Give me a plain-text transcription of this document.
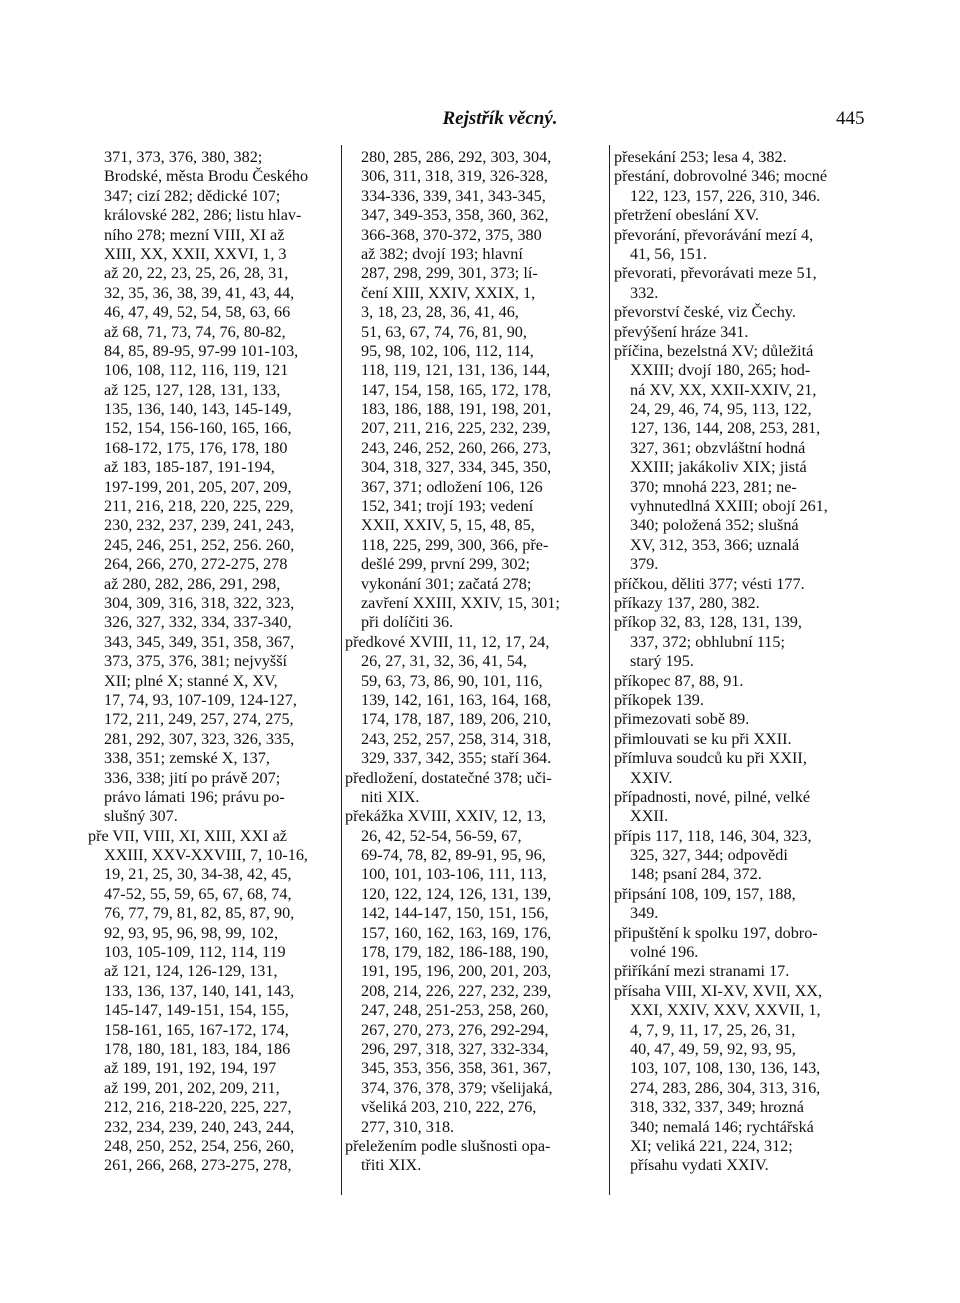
Rejstřík věcný.	445
371, 373, 376, 380, 382;
Brodské, města Brodu Českého
347; cizí 282; dědické 107;
královské 282, 286; listu hlav-
ního 278; mezní VIII, XI až
XIII, XX, XXII, XXVI, 1, 3
až 20, 22, 23, 25, 26, 28, 31,
32, 35, 36, 38, 39, 41, 43, 44,
46, 47, 49, 52, 54, 58, 63, 66
až 68, 71, 73, 74, 76, 80-82,
84, 85, 89-95, 97-99 101-103,
106, 108, 112, 116, 119, 121
až 125, 127, 128, 131, 133,
135, 136, 140, 143, 145-149,
152, 154, 156-160, 165, 166,
168-172, 175, 176, 178, 180
až 183, 185-187, 191-194,
197-199, 201, 205, 207, 209,
211, 216, 218, 220, 225, 229,
230, 232, 237, 239, 241, 243,
245, 246, 251, 252, 256. 260,
264, 266, 270, 272-275, 278
až 280, 282, 286, 291, 298,
304, 309, 316, 318, 322, 323,
326, 327, 332, 334, 337-340,
343, 345, 349, 351, 358, 367,
373, 375, 376, 381; nejvyšší
XII; plné X; stanné X, XV,
17, 74, 93, 107-109, 124-127,
172, 211, 249, 257, 274, 275,
281, 292, 307, 323, 326, 335,
338, 351; zemské X, 137,
336, 338; jití po právě 207;
právo lámati 196; právu po-
slušný 307.
pře VII, VIII, XI, XIII, XXI až
XXIII, XXV-XXVIII, 7, 10-16,
19, 21, 25, 30, 34-38, 42, 45,
47-52, 55, 59, 65, 67, 68, 74,
76, 77, 79, 81, 82, 85, 87, 90,
92, 93, 95, 96, 98, 99, 102,
103, 105-109, 112, 114, 119
až 121, 124, 126-129, 131,
133, 136, 137, 140, 141, 143,
145-147, 149-151, 154, 155,
158-161, 165, 167-172, 174,
178, 180, 181, 183, 184, 186
až 189, 191, 192, 194, 197
až 199, 201, 202, 209, 211,
212, 216, 218-220, 225, 227,
232, 234, 239, 240, 243, 244,
248, 250, 252, 254, 256, 260,
261, 266, 268, 273-275, 278,
280, 285, 286, 292, 303, 304,
306, 311, 318, 319, 326-328,
334-336, 339, 341, 343-345,
347, 349-353, 358, 360, 362,
366-368, 370-372, 375, 380
až 382; dvojí 193; hlavní
287, 298, 299, 301, 373; lí-
čení XIII, XXIV, XXIX, 1,
3, 18, 23, 28, 36, 41, 46,
51, 63, 67, 74, 76, 81, 90,
95, 98, 102, 106, 112, 114,
118, 119, 121, 131, 136, 144,
147, 154, 158, 165, 172, 178,
183, 186, 188, 191, 198, 201,
207, 211, 216, 225, 232, 239,
243, 246, 252, 260, 266, 273,
304, 318, 327, 334, 345, 350,
367, 371; odložení 106, 126
152, 341; trojí 193; vedení
XXII, XXIV, 5, 15, 48, 85,
118, 225, 299, 300, 366, pře-
dešlé 299, první 299, 302;
vykonání 301; začatá 278;
zavření XXIII, XXIV, 15, 301;
při dolíčiti 36.
předkové XVIII, 11, 12, 17, 24,
26, 27, 31, 32, 36, 41, 54,
59, 63, 73, 86, 90, 101, 116,
139, 142, 161, 163, 164, 168,
174, 178, 187, 189, 206, 210,
243, 252, 257, 258, 314, 318,
329, 337, 342, 355; staří 364.
předložení, dostatečné 378; uči-
niti XIX.
překážka XVIII, XXIV, 12, 13,
26, 42, 52-54, 56-59, 67,
69-74, 78, 82, 89-91, 95, 96,
100, 101, 103-106, 111, 113,
120, 122, 124, 126, 131, 139,
142, 144-147, 150, 151, 156,
157, 160, 162, 163, 169, 176,
178, 179, 182, 186-188, 190,
191, 195, 196, 200, 201, 203,
208, 214, 226, 227, 232, 239,
247, 248, 251-253, 258, 260,
267, 270, 273, 276, 292-294,
296, 297, 318, 327, 332-334,
345, 353, 356, 358, 361, 367,
374, 376, 378, 379; všelijaká,
všeliká 203, 210, 222, 276,
277, 310, 318.
přeležením podle slušnosti opa-
třiti XIX.
přesekání 253; lesa 4, 382.
přestání, dobrovolné 346; mocné
122, 123, 157, 226, 310, 346.
přetržení obeslání XV.
převorání, převorávání mezí 4,
41, 56, 151.
převorati, převorávati meze 51,
332.
převorství české, viz Čechy.
převýšení hráze 341.
příčina, bezelstná XV; důležitá
XXIII; dvojí 180, 265; hod-
ná XV, XX, XXII-XXIV, 21,
24, 29, 46, 74, 95, 113, 122,
127, 136, 144, 208, 253, 281,
327, 361; obzvláštní hodná
XXIII; jakákoliv XIX; jistá
370; mnohá 223, 281; ne-
vyhnutedlná XXIII; obojí 261,
340; položená 352; slušná
XV, 312, 353, 366; uznalá
379.
příčkou, děliti 377; vésti 177.
příkazy 137, 280, 382.
příkop 32, 83, 128, 131, 139,
337, 372; obhlubní 115;
starý 195.
příkopec 87, 88, 91.
příkopek 139.
přimezovati sobě 89.
přimlouvati se ku při XXII.
přímluva soudců ku při XXII,
XXIV.
případnosti, nové, pilné, velké
XXII.
přípis 117, 118, 146, 304, 323,
325, 327, 344; odpovědi
148; psaní 284, 372.
připsání 108, 109, 157, 188,
349.
připuštění k spolku 197, dobro-
volné 196.
přiříkání mezi stranami 17.
přísaha VIII, XI-XV, XVII, XX,
XXI, XXIV, XXV, XXVII, 1,
4, 7, 9, 11, 17, 25, 26, 31,
40, 47, 49, 59, 92, 93, 95,
103, 107, 108, 130, 136, 143,
274, 283, 286, 304, 313, 316,
318, 332, 337, 349; hrozná
340; nemalá 146; rychtářská
XI; veliká 221, 224, 312;
přísahu vydati XXIV.
